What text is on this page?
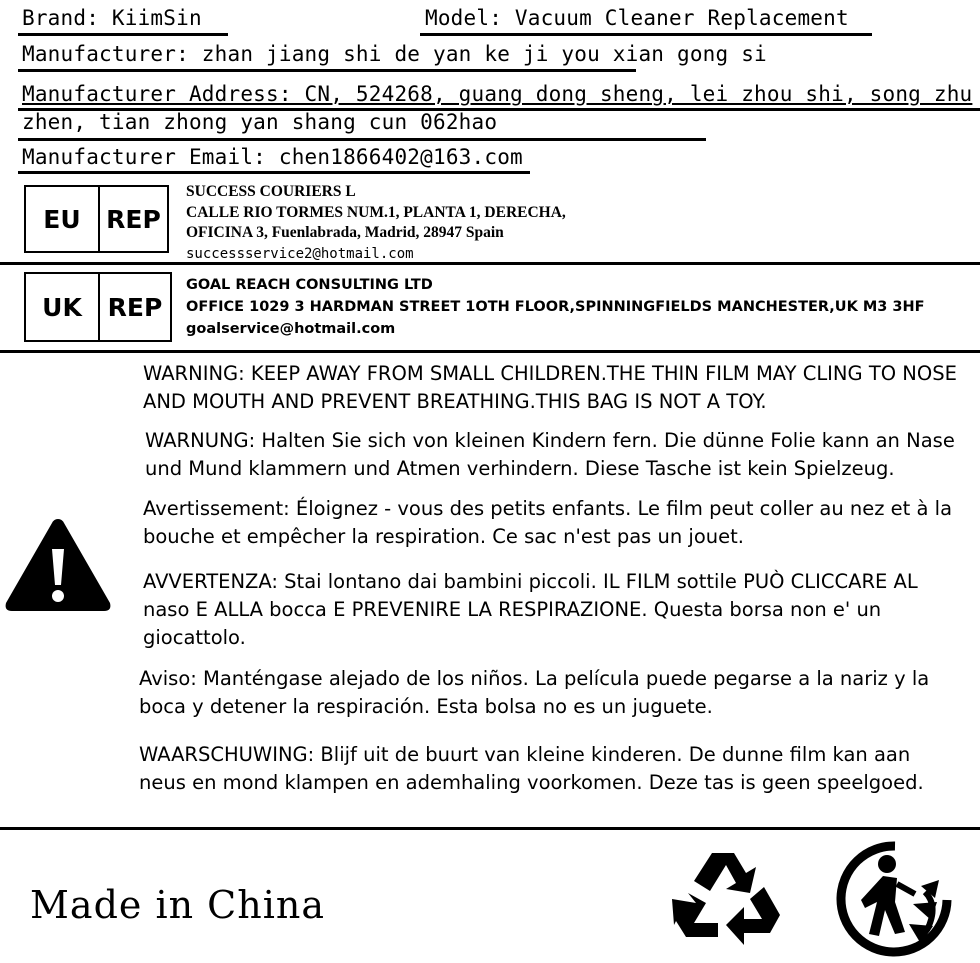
Brand: KiimSin	Model: Vacuum Cleaner Replacement
Manufacturer: zhan jiang shi de yan ke ji you xian gong si
Manufacturer Address: CN, 524268, guang dong sheng, lei zhou shi, song zhu
zhen, tian zhong yan shang cun 062hao
Manufacturer Email: chen1866402@163.com
EU	REP
SUCCESS COURIERS L
CALLE RIO TORMES NUM.1, PLANTA 1, DERECHA,
OFICINA 3, Fuenlabrada, Madrid, 28947 Spain
successservice2@hotmail.com
UK	REP
GOAL REACH CONSULTING LTD
OFFICE 1029 3 HARDMAN STREET 1OTH FLOOR,SPINNINGFIELDS MANCHESTER,UK M3 3HF
goalservice@hotmail.com
WARNING: KEEP AWAY FROM SMALL CHILDREN.THE THIN FILM MAY CLING TO NOSE AND MOUTH AND PREVENT BREATHING.THIS BAG IS NOT A TOY.
WARNUNG: Halten Sie sich von kleinen Kindern fern. Die dünne Folie kann an Nase und Mund klammern und Atmen verhindern. Diese Tasche ist kein Spielzeug.
Avertissement: Éloignez - vous des petits enfants. Le film peut coller au nez et à la bouche et empêcher la respiration. Ce sac n'est pas un jouet.
AVVERTENZA: Stai lontano dai bambini piccoli. IL FILM sottile PUÒ CLICCARE AL naso E ALLA bocca E PREVENIRE LA RESPIRAZIONE. Questa borsa non e' un giocattolo.
Aviso: Manténgase alejado de los niños. La película puede pegarse a la nariz y la boca y detener la respiración. Esta bolsa no es un juguete.
WAARSCHUWING: Blijf uit de buurt van kleine kinderen. De dunne film kan aan neus en mond klampen en ademhaling voorkomen. Deze tas is geen speelgoed.
Made in China
